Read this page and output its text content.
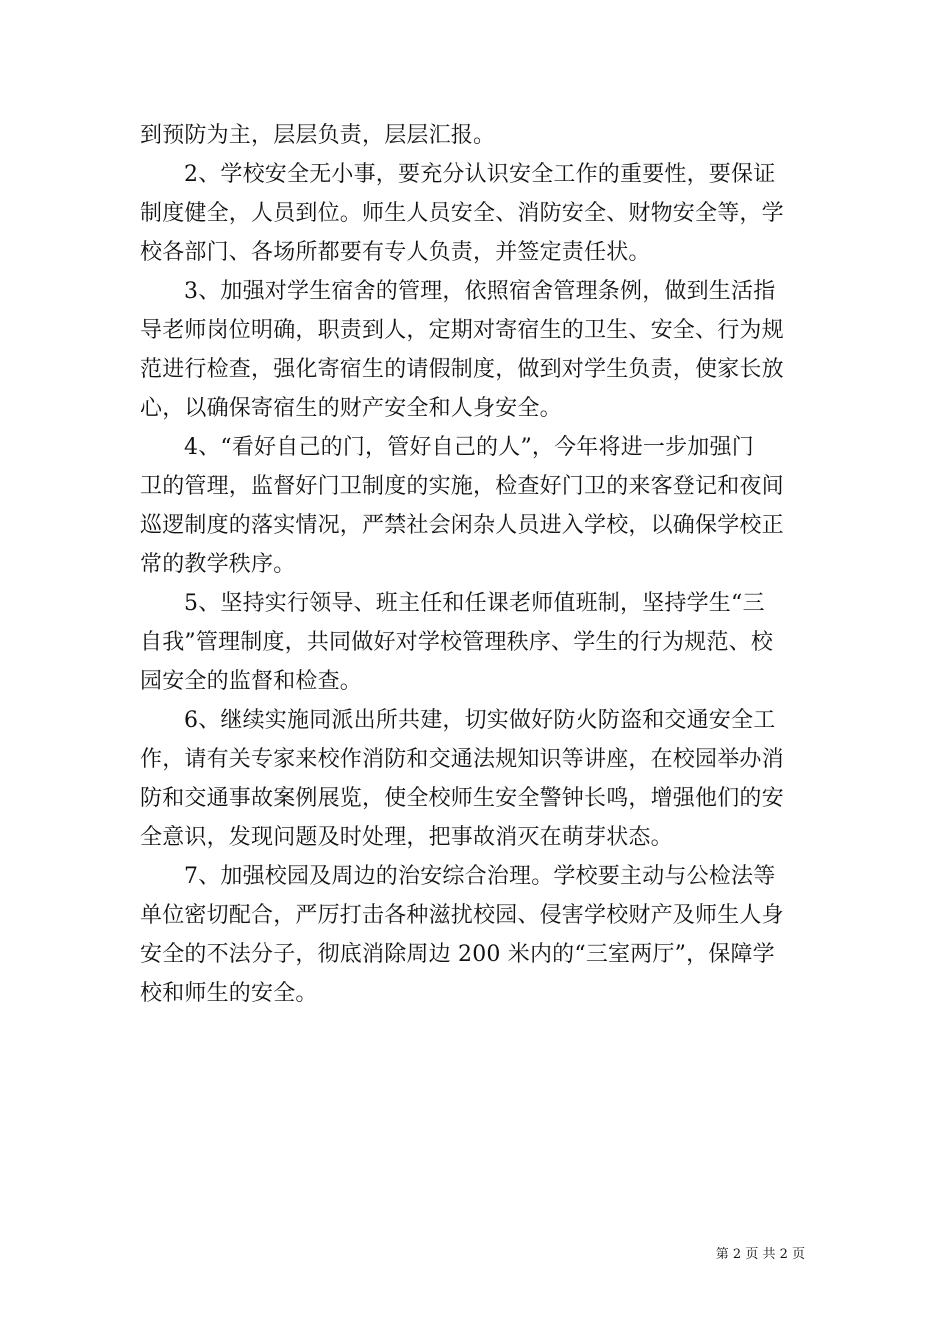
到预防为主，层层负责，层层汇报。
2、学校安全无小事，要充分认识安全工作的重要性，要保证
制度健全，人员到位。师生人员安全、消防安全、财物安全等，学
校各部门、各场所都要有专人负责，并签定责任状。
3、加强对学生宿舍的管理，依照宿舍管理条例，做到生活指
导老师岗位明确，职责到人，定期对寄宿生的卫生、安全、行为规
范进行检查，强化寄宿生的请假制度，做到对学生负责，使家长放
心，以确保寄宿生的财产安全和人身安全。
4、“看好自己的门，管好自己的人”，今年将进一步加强门
卫的管理，监督好门卫制度的实施，检查好门卫的来客登记和夜间
巡逻制度的落实情况，严禁社会闲杂人员进入学校，以确保学校正
常的教学秩序。
5、坚持实行领导、班主任和任课老师值班制，坚持学生“三
自我”管理制度，共同做好对学校管理秩序、学生的行为规范、校
园安全的监督和检查。
6、继续实施同派出所共建，切实做好防火防盗和交通安全工
作，请有关专家来校作消防和交通法规知识等讲座，在校园举办消
防和交通事故案例展览，使全校师生安全警钟长鸣，增强他们的安
全意识，发现问题及时处理，把事故消灭在萌芽状态。
7、加强校园及周边的治安综合治理。学校要主动与公检法等
单位密切配合，严厉打击各种滋扰校园、侵害学校财产及师生人身
安全的不法分子，彻底消除周边 200 米内的“三室两厅”，保障学
校和师生的安全。
第 2 页 共 2 页
